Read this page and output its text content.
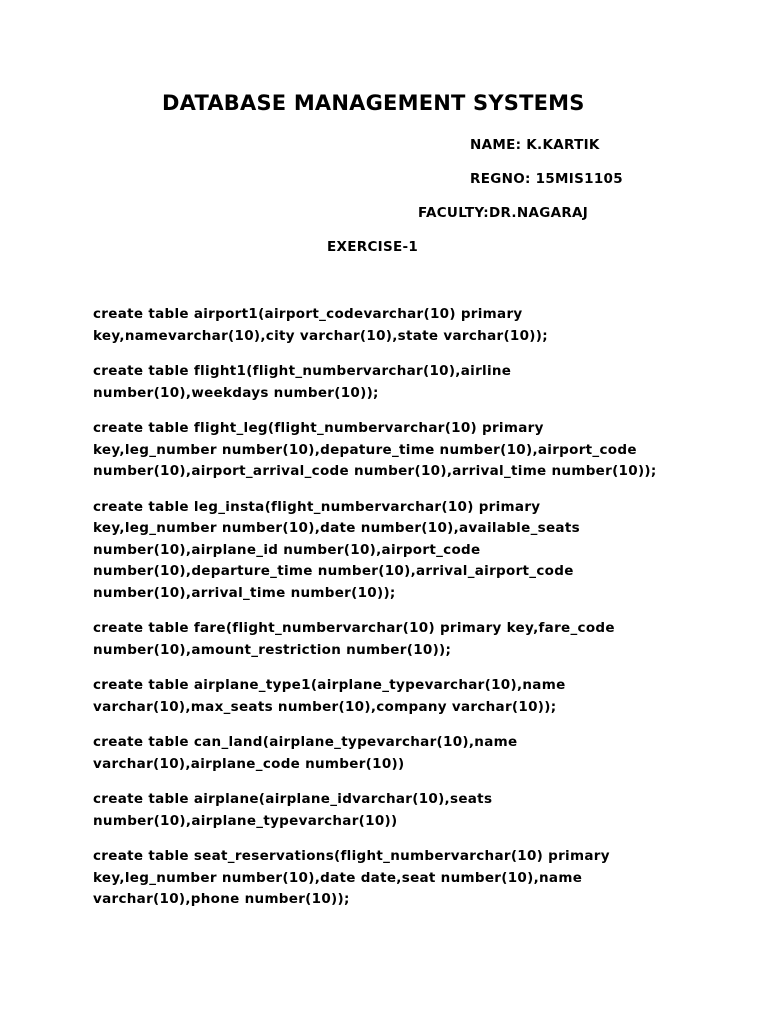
DATABASE MANAGEMENT SYSTEMS
NAME: K.KARTIK
REGNO: 15MIS1105
FACULTY:DR.NAGARAJ
EXERCISE-1
create table airport1(airport_codevarchar(10) primary
key,namevarchar(10),city varchar(10),state varchar(10));
create table flight1(flight_numbervarchar(10),airline
number(10),weekdays number(10));
create table flight_leg(flight_numbervarchar(10) primary
key,leg_number number(10),depature_time number(10),airport_code
number(10),airport_arrival_code number(10),arrival_time number(10));
create table leg_insta(flight_numbervarchar(10) primary
key,leg_number number(10),date number(10),available_seats
number(10),airplane_id number(10),airport_code
number(10),departure_time number(10),arrival_airport_code
number(10),arrival_time number(10));
create table fare(flight_numbervarchar(10) primary key,fare_code
number(10),amount_restriction number(10));
create table airplane_type1(airplane_typevarchar(10),name
varchar(10),max_seats number(10),company varchar(10));
create table can_land(airplane_typevarchar(10),name
varchar(10),airplane_code number(10))
create table airplane(airplane_idvarchar(10),seats
number(10),airplane_typevarchar(10))
create table seat_reservations(flight_numbervarchar(10) primary
key,leg_number number(10),date date,seat number(10),name
varchar(10),phone number(10));
